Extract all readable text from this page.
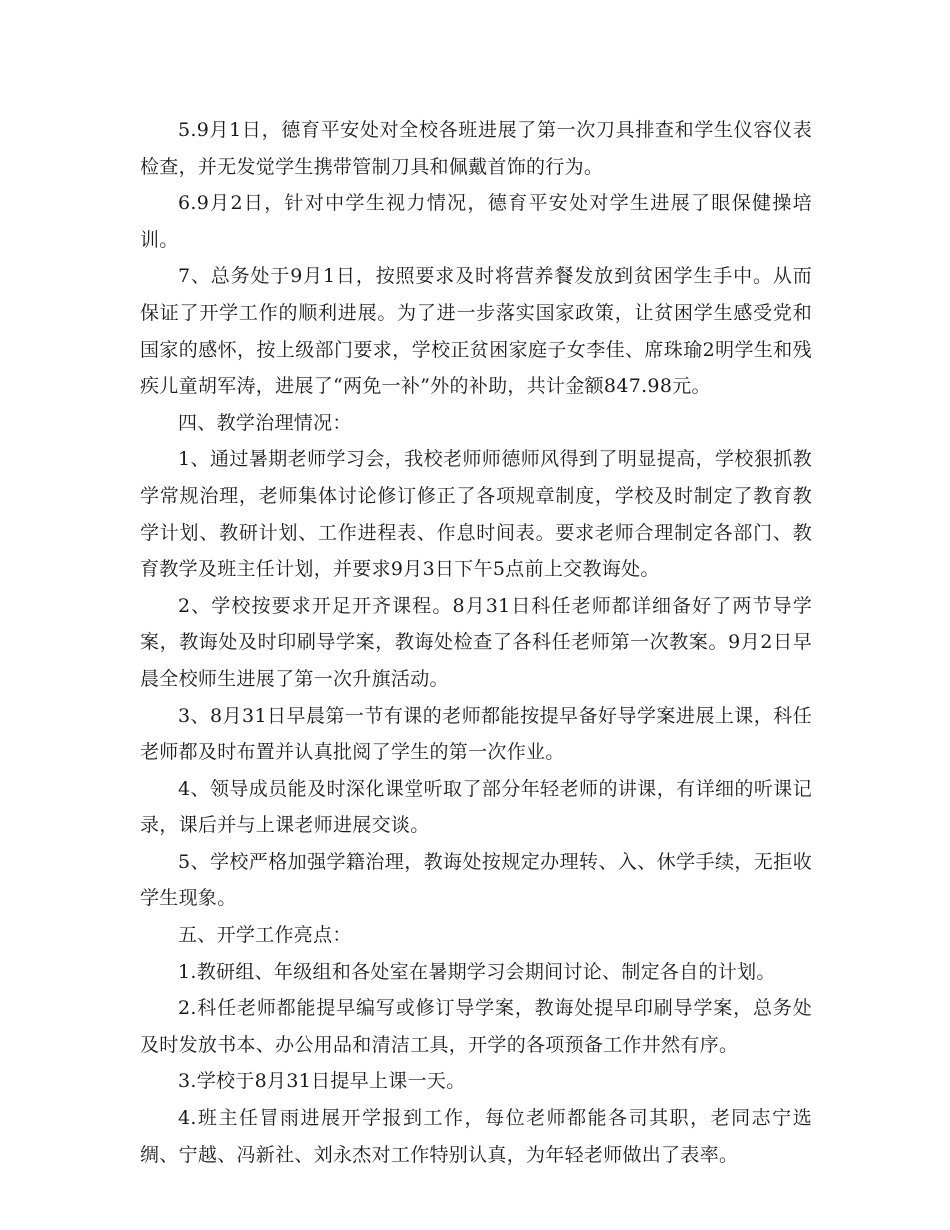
5.9月1日，德育平安处对全校各班进展了第一次刀具排查和学生仪容仪表检查，并无发觉学生携带管制刀具和佩戴首饰的行为。

6.9月2日，针对中学生视力情况，德育平安处对学生进展了眼保健操培训。

7、总务处于9月1日，按照要求及时将营养餐发放到贫困学生手中。从而保证了开学工作的顺利进展。为了进一步落实国家政策，让贫困学生感受党和国家的感怀，按上级部门要求，学校正贫困家庭子女李佳、席珠瑜2明学生和残疾儿童胡军涛，进展了“两免一补”外的补助，共计金额847.98元。

四、教学治理情况：

1、通过暑期老师学习会，我校老师师德师风得到了明显提高，学校狠抓教学常规治理，老师集体讨论修订修正了各项规章制度，学校及时制定了教育教学计划、教研计划、工作进程表、作息时间表。要求老师合理制定各部门、教育教学及班主任计划，并要求9月3日下午5点前上交教诲处。

2、学校按要求开足开齐课程。8月31日科任老师都详细备好了两节导学案，教诲处及时印刷导学案，教诲处检查了各科任老师第一次教案。9月2日早晨全校师生进展了第一次升旗活动。

3、8月31日早晨第一节有课的老师都能按提早备好导学案进展上课，科任老师都及时布置并认真批阅了学生的第一次作业。

4、领导成员能及时深化课堂听取了部分年轻老师的讲课，有详细的听课记录，课后并与上课老师进展交谈。

5、学校严格加强学籍治理，教诲处按规定办理转、入、休学手续，无拒收学生现象。

五、开学工作亮点：

1.教研组、年级组和各处室在暑期学习会期间讨论、制定各自的计划。

2.科任老师都能提早编写或修订导学案，教诲处提早印刷导学案，总务处及时发放书本、办公用品和清洁工具，开学的各项预备工作井然有序。

3.学校于8月31日提早上课一天。

4.班主任冒雨进展开学报到工作，每位老师都能各司其职，老同志宁选绸、宁越、冯新社、刘永杰对工作特别认真，为年轻老师做出了表率。
